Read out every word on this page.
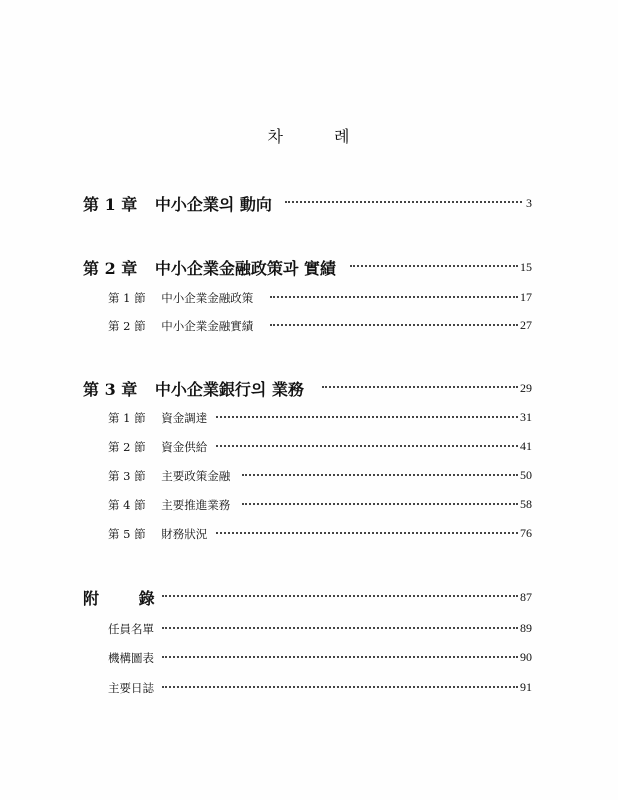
차	례
第 1 章 中小企業의 動向	3
第 2 章 中小企業金融政策과 實績	15
第 1 節 中小企業金融政策	17
第 2 節 中小企業金融實績	27
第 3 章 中小企業銀行의 業務	29
第 1 節 資金調達	31
第 2 節 資金供給	41
第 3 節 主要政策金融	50
第 4 節 主要推進業務	58
第 5 節 財務狀況	76
附 錄	87
任員名單	89
機構圖表	90
主要日誌	91
